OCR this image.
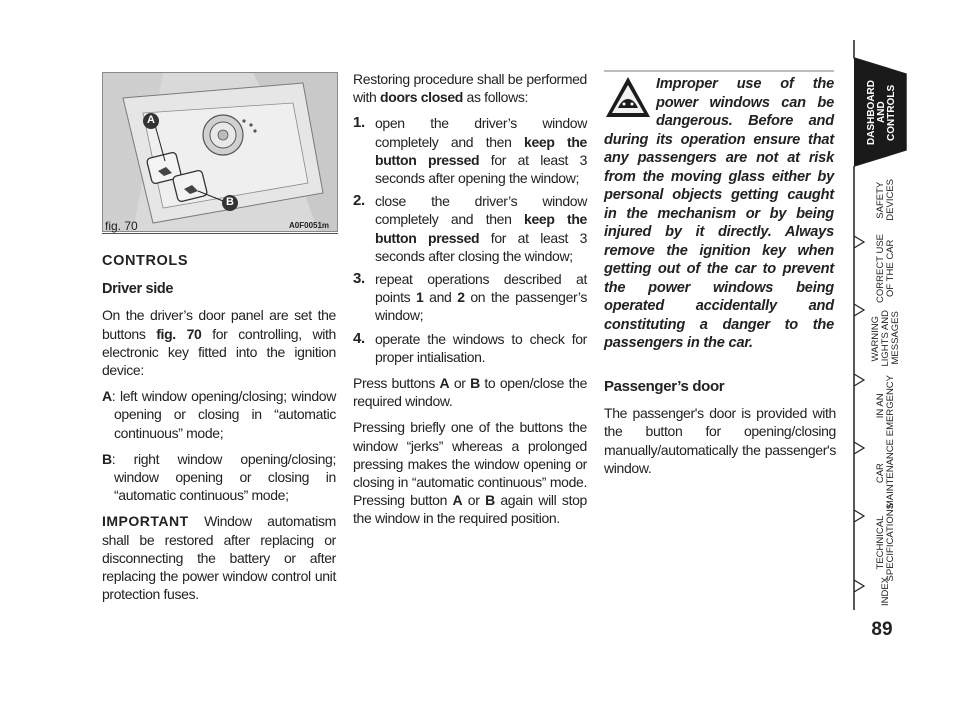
A
B
fig. 70	A0F0051m
CONTROLS
Driver side

On the driver’s door panel are set the buttons fig. 70 for controlling, with electronic key fitted into the ignition device:

A: left window opening/closing; window opening or closing in “automatic continuous” mode;

B: right window opening/closing; window opening or closing in “automatic continuous” mode;

IMPORTANT Window automatism shall be restored after replacing or disconnecting the battery or after replacing the power window control unit protection fuses.

Restoring procedure shall be performed with doors closed as follows:

1. open the driver’s window completely and then keep the button pressed for at least 3 seconds after opening the window;
2. close the driver’s window completely and then keep the button pressed for at least 3 seconds after closing the window;
3. repeat operations described at points 1 and 2 on the passenger’s window;
4. operate the windows to check for proper intialisation.

Press buttons A or B to open/close the required window.

Pressing briefly one of the buttons the window “jerks” whereas a prolonged pressing makes the window opening or closing in “automatic continuous” mode. Pressing button A or B again will stop the window in the required position.

Improper use of the power windows can be dangerous. Before and during its operation ensure that any passengers are not at risk from the moving glass either by personal objects getting caught in the mechanism or by being injured by it directly. Always remove the ignition key when getting out of the car to prevent the power windows being operated accidentally and constituting a danger to the passengers in the car.
Passenger’s door

The passenger's door is provided with the button for opening/closing manually/automatically the passenger's window.

DASHBOARD
AND
CONTROLS
SAFETY
DEVICES
CORRECT USE
OF THE CAR
WARNING
LIGHTS AND
MESSAGES
IN AN
EMERGENCY
CAR
MAINTENANCE
TECHNICAL
SPECIFICATIONS
INDEX
89
